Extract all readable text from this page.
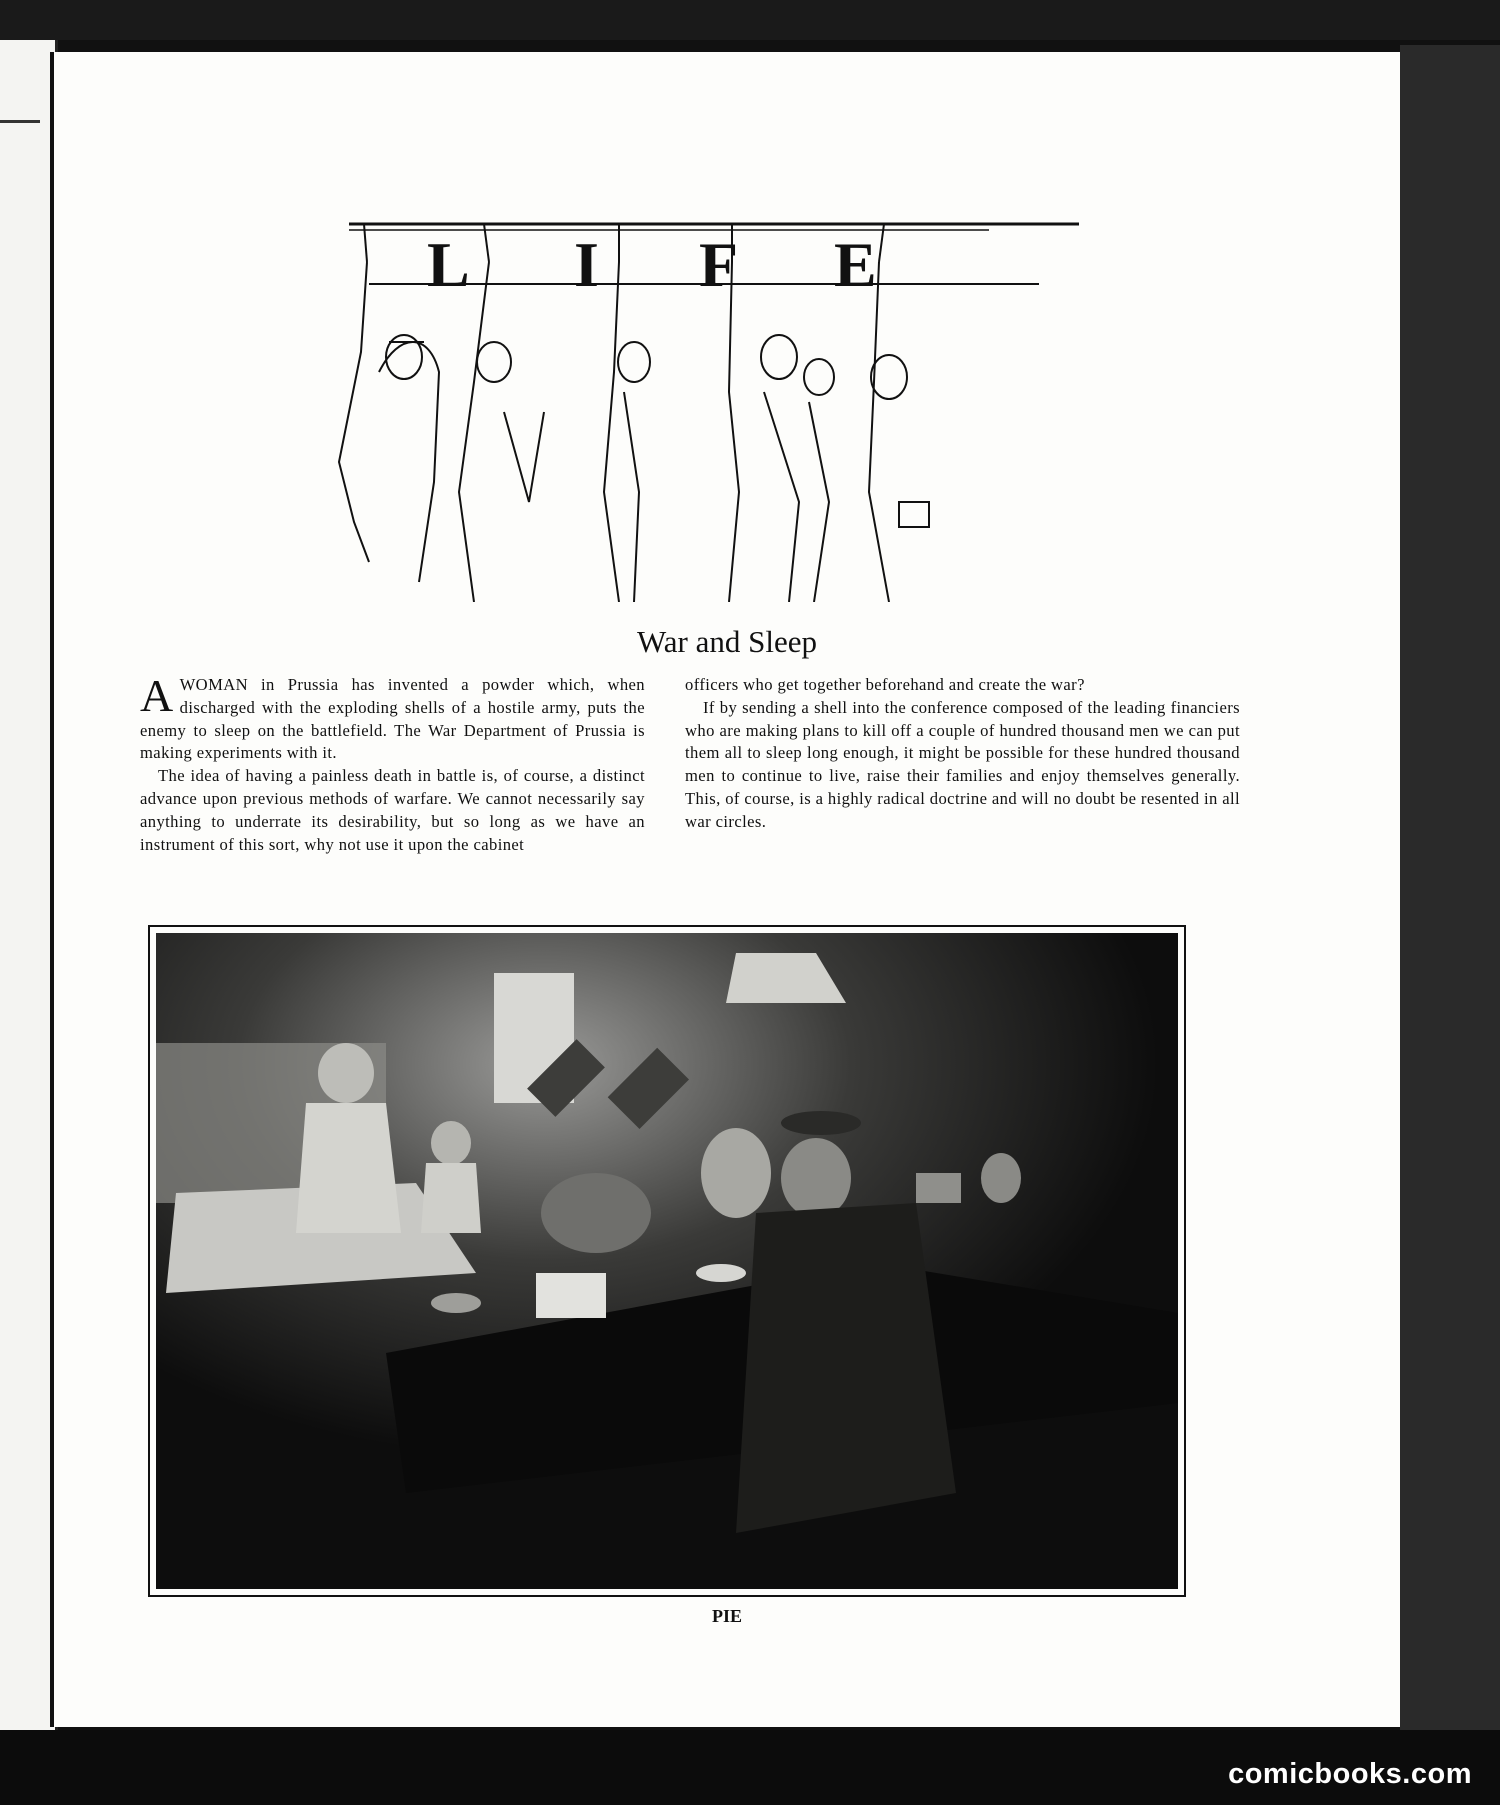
L I F E
War and Sleep

AWOMAN in Prussia has invented a powder which, when discharged with the exploding shells of a hostile army, puts the enemy to sleep on the battlefield. The War Department of Prussia is making experiments with it.

The idea of having a painless death in battle is, of course, a distinct advance upon previous methods of warfare. We cannot necessarily say anything to underrate its desirability, but so long as we have an instrument of this sort, why not use it upon the cabinet

officers who get together beforehand and create the war?

If by sending a shell into the conference composed of the leading financiers who are making plans to kill off a couple of hundred thousand men we can put them all to sleep long enough, it might be possible for these hundred thousand men to continue to live, raise their families and enjoy themselves generally. This, of course, is a highly radical doctrine and will no doubt be resented in all war circles.

PIE
comicbooks.com
